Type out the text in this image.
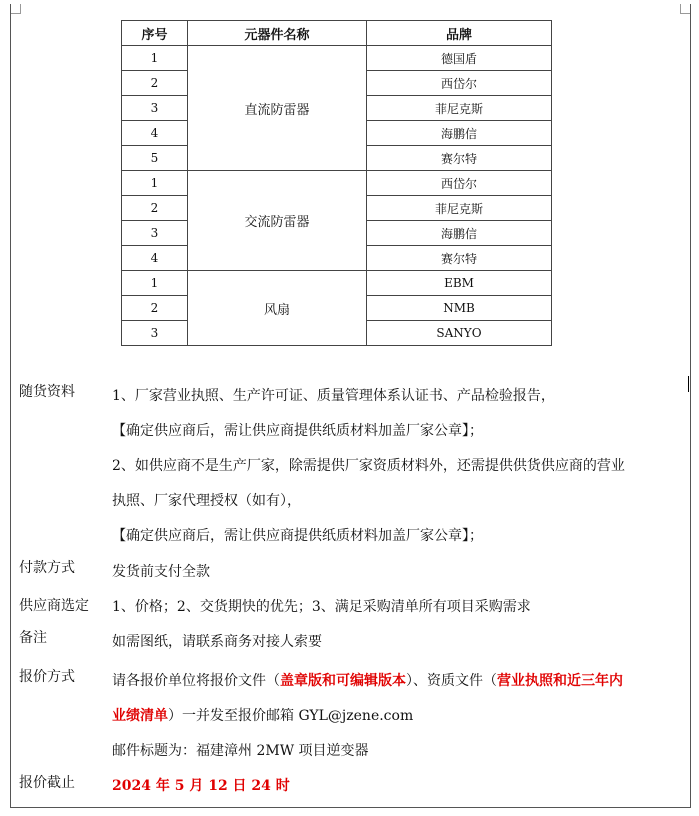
序号	元器件名称	品牌
1	直流防雷器	德国盾
2		西岱尔
3		菲尼克斯
4		海鹏信
5		赛尔特
1	交流防雷器	西岱尔
2		菲尼克斯
3		海鹏信
4		赛尔特
1	风扇	EBM
2		NMB
3		SANYO
随货资料	1、厂家营业执照、生产许可证、质量管理体系认证书、产品检验报告，
【确定供应商后，需让供应商提供纸质材料加盖厂家公章】；
2、如供应商不是生产厂家，除需提供厂家资质材料外，还需提供供货供应商的营业
执照、厂家代理授权（如有），
【确定供应商后，需让供应商提供纸质材料加盖厂家公章】；
付款方式	发货前支付全款
供应商选定 1、价格；2、交货期快的优先；3、满足采购清单所有项目采购需求
备注	如需图纸，请联系商务对接人索要
报价方式	请各报价单位将报价文件（盖章版和可编辑版本）、资质文件（营业执照和近三年内
业绩清单）一并发至报价邮箱 GYL@jzene.com
邮件标题为：福建漳州 2MW 项目逆变器
报价截止	2024 年 5 月 12 日 24 时
